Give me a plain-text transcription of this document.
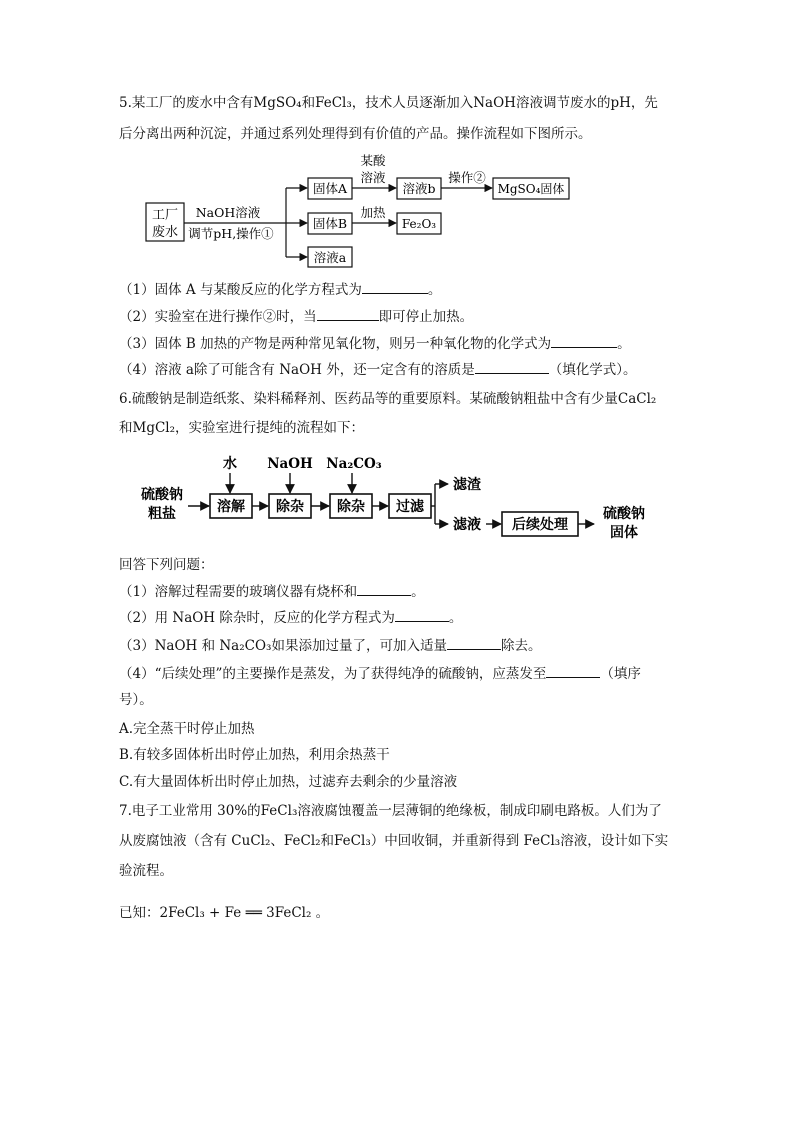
5.某工厂的废水中含有MgSO₄和FeCl₃，技术人员逐渐加入NaOH溶液调节废水的pH，先
后分离出两种沉淀，并通过系列处理得到有价值的产品。操作流程如下图所示。
工厂
废水
NaOH溶液
调节pH,操作①
固体A
固体B
溶液a
某酸
溶液
溶液b
操作②
MgSO₄固体
加热
Fe₂O₃
（1）固体 A 与某酸反应的化学方程式为	。
（2）实验室在进行操作②时，当	即可停止加热。
（3）固体 B 加热的产物是两种常见氧化物，则另一种氧化物的化学式为	。
（4）溶液 a除了可能含有 NaOH 外，还一定含有的溶质是	（填化学式）。
6.硫酸钠是制造纸浆、染料稀释剂、医药品等的重要原料。某硫酸钠粗盐中含有少量CaCl₂
和MgCl₂，实验室进行提纯的流程如下：
硫酸钠
粗盐
水
溶解
NaOH
除杂
Na₂CO₃
除杂 过滤
滤渣
滤液 后续处理
硫酸钠
固体
回答下列问题：
（1）溶解过程需要的玻璃仪器有烧杯和	。
（2）用 NaOH 除杂时，反应的化学方程式为	。
（3）NaOH 和 Na₂CO₃如果添加过量了，可加入适量	除去。
（4）“后续处理”的主要操作是蒸发，为了获得纯净的硫酸钠，应蒸发至	（填序
号）。
A.完全蒸干时停止加热
B.有较多固体析出时停止加热，利用余热蒸干
C.有大量固体析出时停止加热，过滤弃去剩余的少量溶液
7.电子工业常用 30%的FeCl₃溶液腐蚀覆盖一层薄铜的绝缘板，制成印刷电路板。人们为了
从废腐蚀液（含有 CuCl₂、FeCl₂和FeCl₃）中回收铜，并重新得到 FeCl₃溶液，设计如下实
验流程。
已知：2FeCl₃ + Fe ══ 3FeCl₂ 。
